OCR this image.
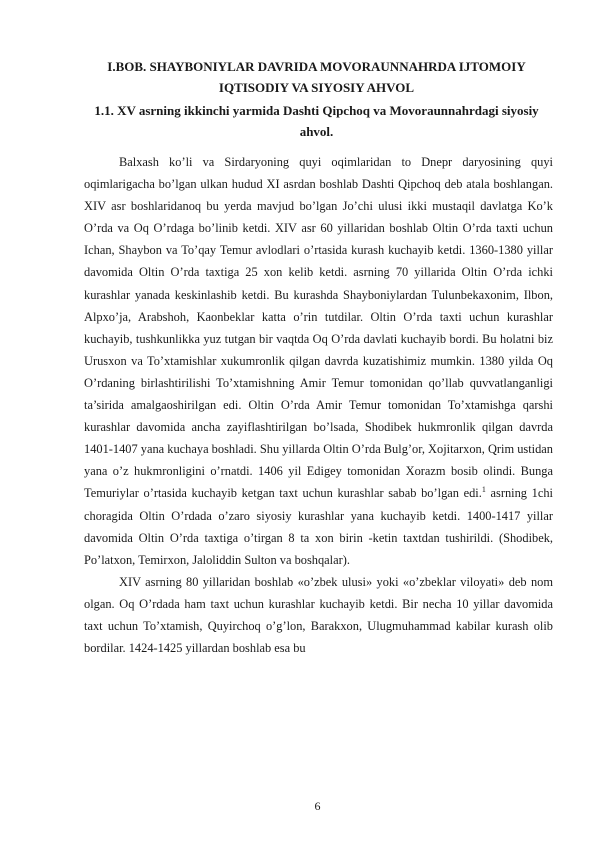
I.BOB. SHAYBONIYLAR DAVRIDA MOVORAUNNAHRDA IJTOMOIY IQTISODIY VA SIYOSIY AHVOL
1.1. XV asrning ikkinchi yarmida Dashti Qipchoq va Movoraunnahrdagi siyosiy ahvol.

Balxash ko’li va Sirdaryoning quyi oqimlaridan to Dnepr daryosining quyi oqimlarigacha bo’lgan ulkan hudud XI asrdan boshlab Dashti Qipchoq deb atala boshlangan. XIV asr boshlaridanoq bu yerda mavjud bo’lgan Jo’chi ulusi ikki mustaqil davlatga Ko’k O’rda va Oq O’rdaga bo’linib ketdi. XIV asr 60 yillaridan boshlab Oltin O’rda taxti uchun Ichan, Shaybon va To’qay Temur avlodlari o’rtasida kurash kuchayib ketdi. 1360-1380 yillar davomida Oltin O’rda taxtiga 25 xon kelib ketdi. asrning 70 yillarida Oltin O’rda ichki kurashlar yanada keskinlashib ketdi. Bu kurashda Shayboniylardan Tulunbekaxonim, Ilbon, Alpxo’ja, Arabshoh, Kaonbeklar katta o’rin tutdilar. Oltin O’rda taxti uchun kurashlar kuchayib, tushkunlikka yuz tutgan bir vaqtda Oq O’rda davlati kuchayib bordi. Bu holatni biz Urusxon va To’xtamishlar xukumronlik qilgan davrda kuzatishimiz mumkin. 1380 yilda Oq O’rdaning birlashtirilishi To’xtamishning Amir Temur tomonidan qo’llab quvvatlanganligi ta’sirida amalgaoshirilgan edi. Oltin O’rda Amir Temur tomonidan To’xtamishga qarshi kurashlar davomida ancha zayiflashtirilgan bo’lsada, Shodibek hukmronlik qilgan davrda 1401-1407 yana kuchaya boshladi. Shu yillarda Oltin O’rda Bulg’or, Xojitarxon, Qrim ustidan yana o’z hukmronligini o’rnatdi. 1406 yil Edigey tomonidan Xorazm bosib olindi. Bunga Temuriylar o’rtasida kuchayib ketgan taxt uchun kurashlar sabab bo’lgan edi.$^1$ asrning 1chi choragida Oltin O’rdada o’zaro siyosiy kurashlar yana kuchayib ketdi. 1400-1417 yillar davomida Oltin O’rda taxtiga o’tirgan 8 ta xon birin -ketin taxtdan tushirildi. (Shodibek, Po’latxon, Temirxon, Jaloliddin Sulton va boshqalar).

XIV asrning 80 yillaridan boshlab «o’zbek ulusi» yoki «o’zbeklar viloyati» deb nom olgan. Oq O’rdada ham taxt uchun kurashlar kuchayib ketdi. Bir necha 10 yillar davomida taxt uchun To’xtamish, Quyirchoq o’g’lon, Barakxon, Ulugmuhammad kabilar kurash olib bordilar. 1424-1425 yillardan boshlab esa bu

6
